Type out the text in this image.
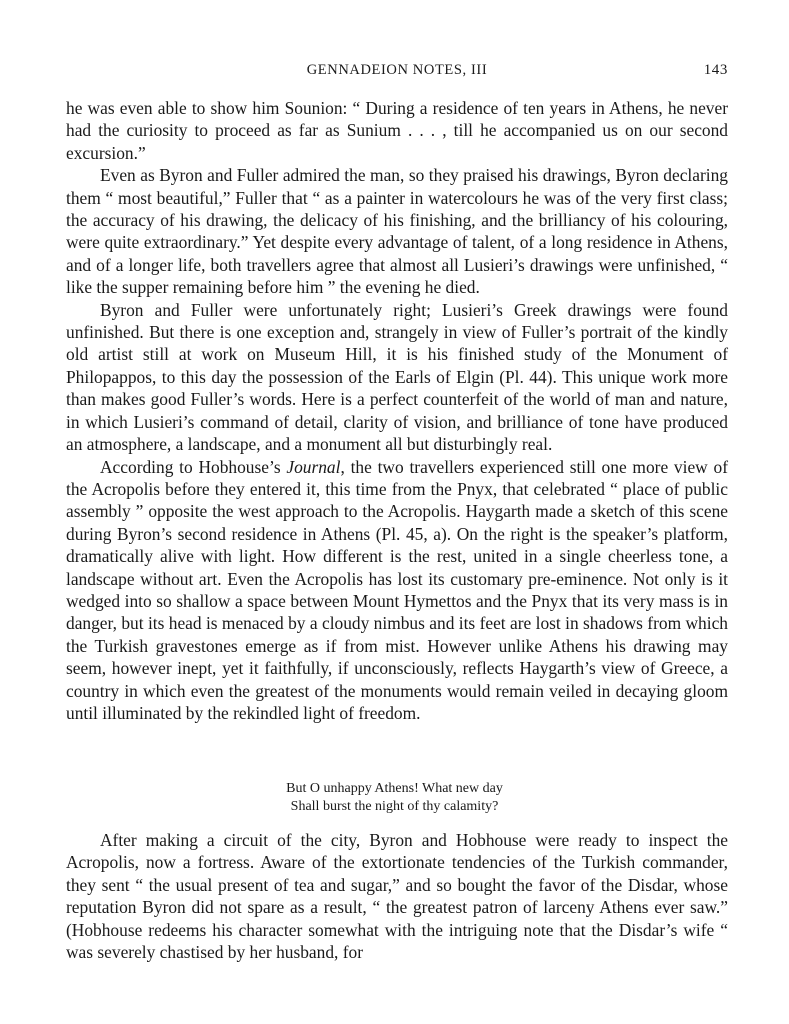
GENNADEION NOTES, III	143

he was even able to show him Sounion: “ During a residence of ten years in Athens, he never had the curiosity to proceed as far as Sunium . . . , till he accompanied us on our second excursion.”

Even as Byron and Fuller admired the man, so they praised his drawings, Byron declaring them “ most beautiful,” Fuller that “ as a painter in watercolours he was of the very first class; the accuracy of his drawing, the delicacy of his finishing, and the brilliancy of his colouring, were quite extraordinary.” Yet despite every advantage of talent, of a long residence in Athens, and of a longer life, both travellers agree that almost all Lusieri’s drawings were unfinished, “ like the supper remaining before him ” the evening he died.

Byron and Fuller were unfortunately right; Lusieri’s Greek drawings were found unfinished. But there is one exception and, strangely in view of Fuller’s portrait of the kindly old artist still at work on Museum Hill, it is his finished study of the Monument of Philopappos, to this day the possession of the Earls of Elgin (Pl. 44). This unique work more than makes good Fuller’s words. Here is a perfect counterfeit of the world of man and nature, in which Lusieri’s command of detail, clarity of vision, and brilliance of tone have produced an atmosphere, a landscape, and a monument all but disturbingly real.

According to Hobhouse’s Journal, the two travellers experienced still one more view of the Acropolis before they entered it, this time from the Pnyx, that celebrated “ place of public assembly ” opposite the west approach to the Acropolis. Haygarth made a sketch of this scene during Byron’s second residence in Athens (Pl. 45, a). On the right is the speaker’s platform, dramatically alive with light. How different is the rest, united in a single cheerless tone, a landscape without art. Even the Acropolis has lost its customary pre-eminence. Not only is it wedged into so shallow a space between Mount Hymettos and the Pnyx that its very mass is in danger, but its head is menaced by a cloudy nimbus and its feet are lost in shadows from which the Turkish gravestones emerge as if from mist. However unlike Athens his drawing may seem, however inept, yet it faithfully, if unconsciously, reflects Haygarth’s view of Greece, a country in which even the greatest of the monuments would remain veiled in decaying gloom until illuminated by the rekindled light of freedom.

But O unhappy Athens! What new day
Shall burst the night of thy calamity?

After making a circuit of the city, Byron and Hobhouse were ready to inspect the Acropolis, now a fortress. Aware of the extortionate tendencies of the Turkish commander, they sent “ the usual present of tea and sugar,” and so bought the favor of the Disdar, whose reputation Byron did not spare as a result, “ the greatest patron of larceny Athens ever saw.” (Hobhouse redeems his character somewhat with the intriguing note that the Disdar’s wife “ was severely chastised by her husband, for
